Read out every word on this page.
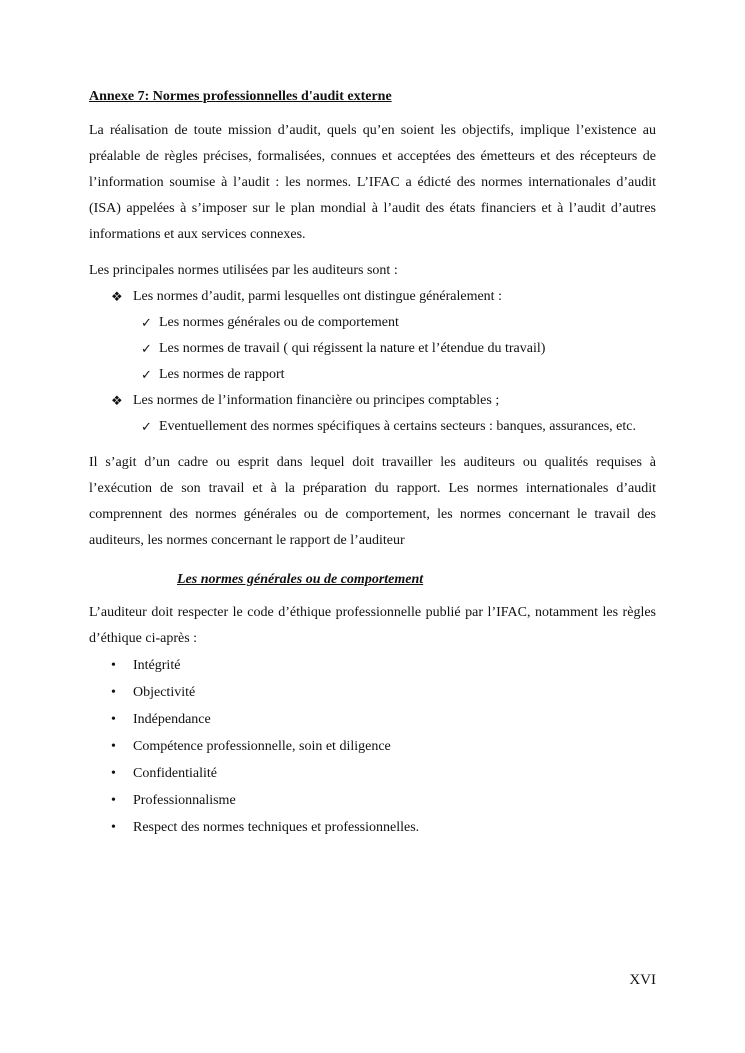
Annexe 7: Normes professionnelles d'audit externe

La réalisation de toute mission d’audit, quels qu’en soient les objectifs, implique l’existence au préalable de règles précises, formalisées, connues et acceptées des émetteurs et des récepteurs de l’information soumise à l’audit : les normes. L’IFAC a édicté des normes internationales d’audit (ISA) appelées à s’imposer sur le plan mondial à l’audit des états financiers et à l’audit d’autres informations et aux services connexes.

Les principales normes utilisées par les auditeurs sont :

❖ Les normes d’audit, parmi lesquelles ont distingue généralement :
✓ Les normes générales ou de comportement
✓ Les normes de travail ( qui régissent la nature et l’étendue du travail)
✓ Les normes de rapport
❖ Les normes de l’information financière ou principes comptables ;
✓ Eventuellement des normes spécifiques à certains secteurs : banques, assurances, etc.

Il s’agit d’un cadre ou esprit dans lequel doit travailler les auditeurs ou qualités requises à l’exécution de son travail et à la préparation du rapport. Les normes internationales d’audit comprennent des normes générales ou de comportement, les normes concernant le travail des auditeurs, les normes concernant le rapport de l’auditeur

Les normes générales ou de comportement

L’auditeur doit respecter le code d’éthique professionnelle publié par l’IFAC, notamment les règles d’éthique ci-après :

• Intégrité
• Objectivité
• Indépendance
• Compétence professionnelle, soin et diligence
• Confidentialité
• Professionnalisme
• Respect des normes techniques et professionnelles.
XVI
